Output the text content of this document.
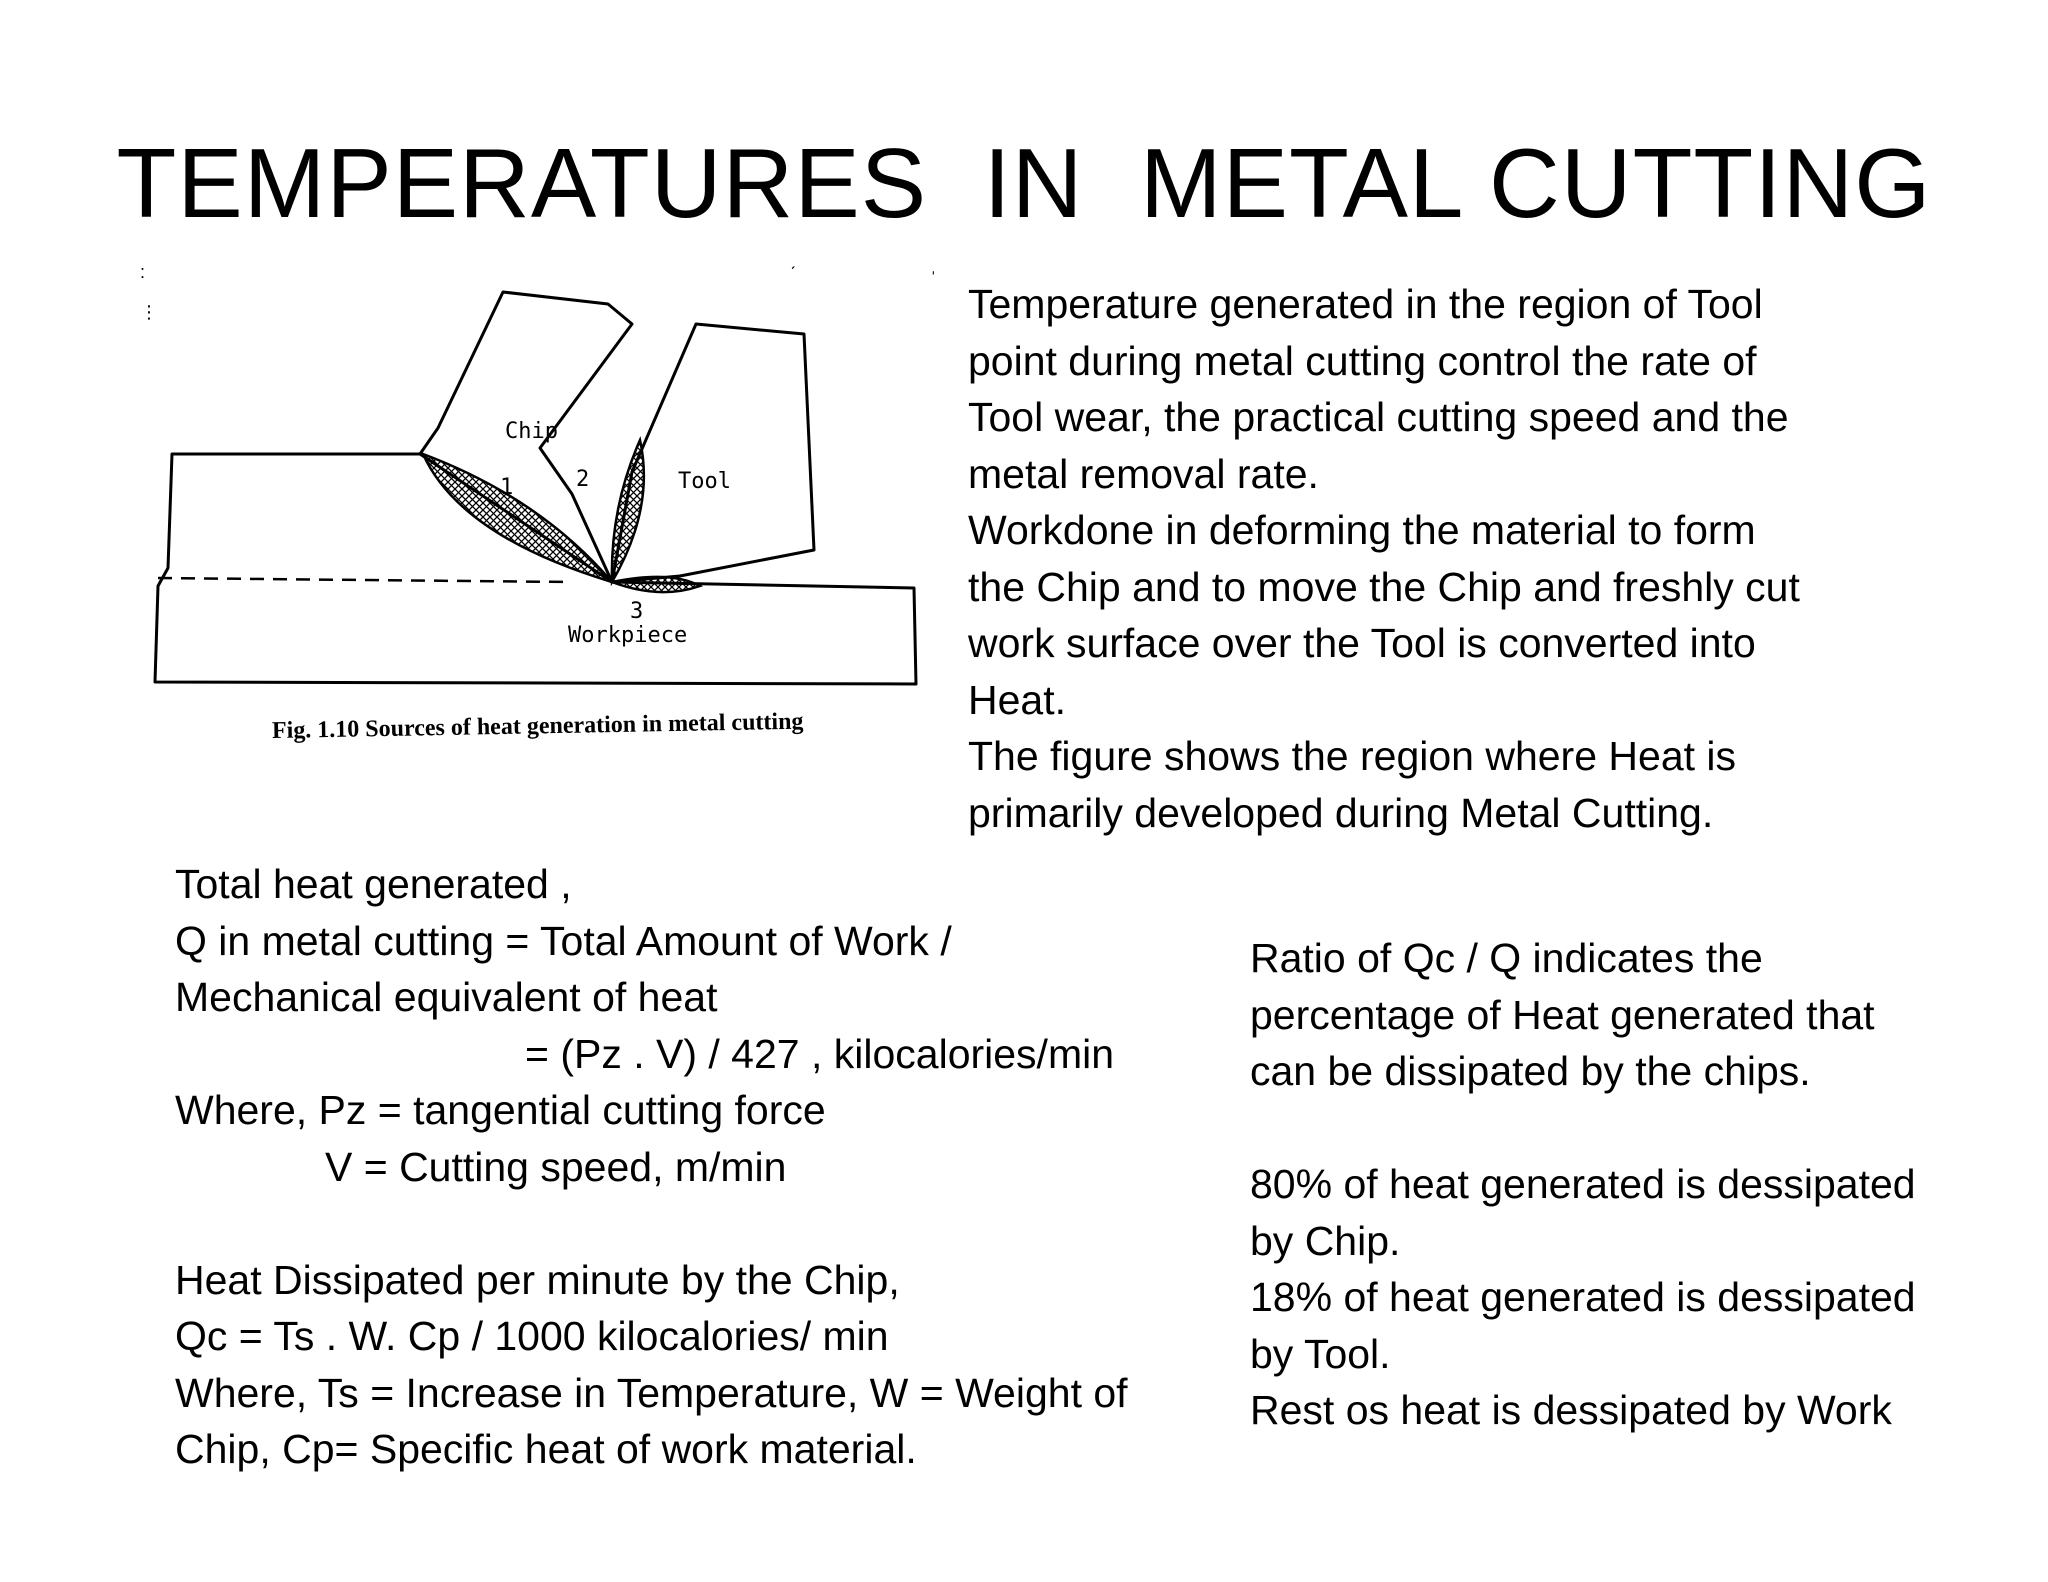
TEMPERATURES  IN  METAL CUTTING
:
⋮
ˊ	ˈ
Chip
Tool
Workpiece
1	2
3
Fig. 1.10 Sources of heat generation in metal cutting
Temperature generated in the region of Tool
point during metal cutting control the rate of
Tool wear, the practical cutting speed and the
metal removal rate.
Workdone in deforming the material to form
the Chip and to move the Chip and freshly cut
work surface over the Tool is converted into
Heat.
The figure shows the region where Heat is
primarily developed during Metal Cutting.
Total heat generated ,
Q in metal cutting = Total Amount of Work /
Mechanical equivalent of heat
= (Pz . V) / 427 , kilocalories/min
Where, Pz = tangential cutting force
V = Cutting speed, m/min
Heat Dissipated per minute by the Chip,
Qc = Ts . W. Cp / 1000 kilocalories/ min
Where, Ts = Increase in Temperature, W = Weight of
Chip, Cp= Specific heat of work material.
Ratio of Qc / Q indicates the
percentage of Heat generated that
can be dissipated by the chips.
80% of heat generated is dessipated
by Chip.
18% of heat generated is dessipated
by Tool.
Rest os heat is dessipated by Work
